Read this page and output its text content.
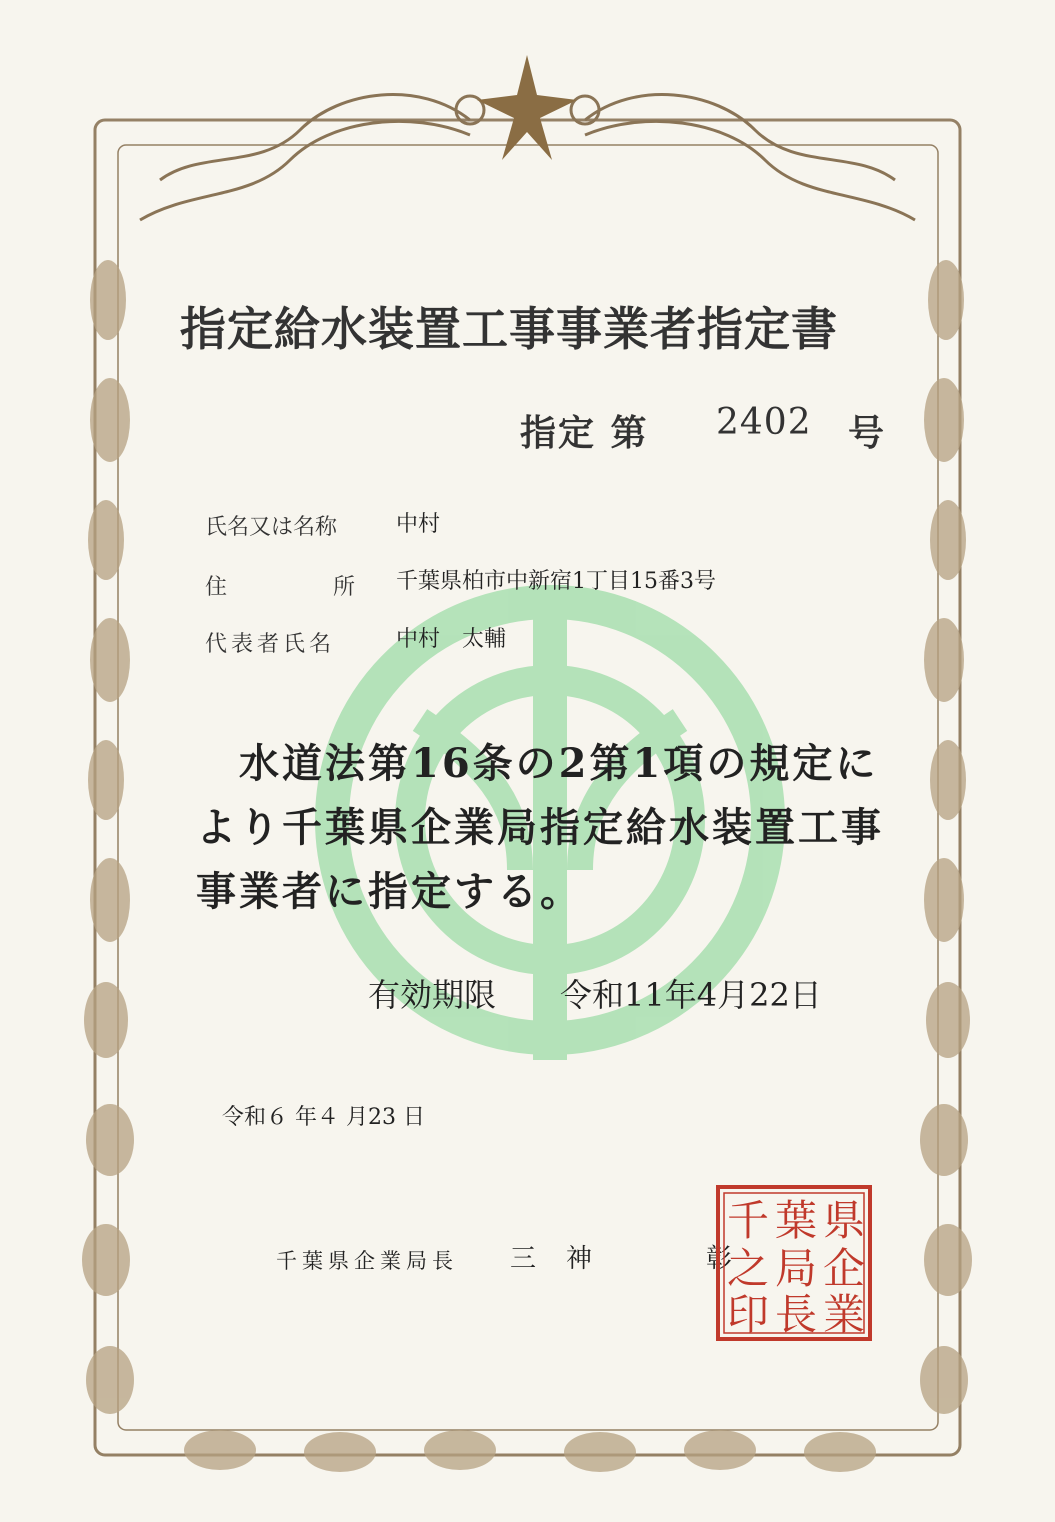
指定給水装置工事事業者指定書
指定 第 2402 号
氏名又は名称	中村
住	所 千葉県柏市中新宿1丁目15番3号
代表者氏名	中村　太輔
　水道法第16条の2第1項の規定に
より千葉県企業局指定給水装置工事
事業者に指定する。
有効期限 令和11年4月22日
令和６ 年４ 月23 日
千葉県企業局長 三　神　　　　彰
県
企
業
葉
局
長
千
之
印
